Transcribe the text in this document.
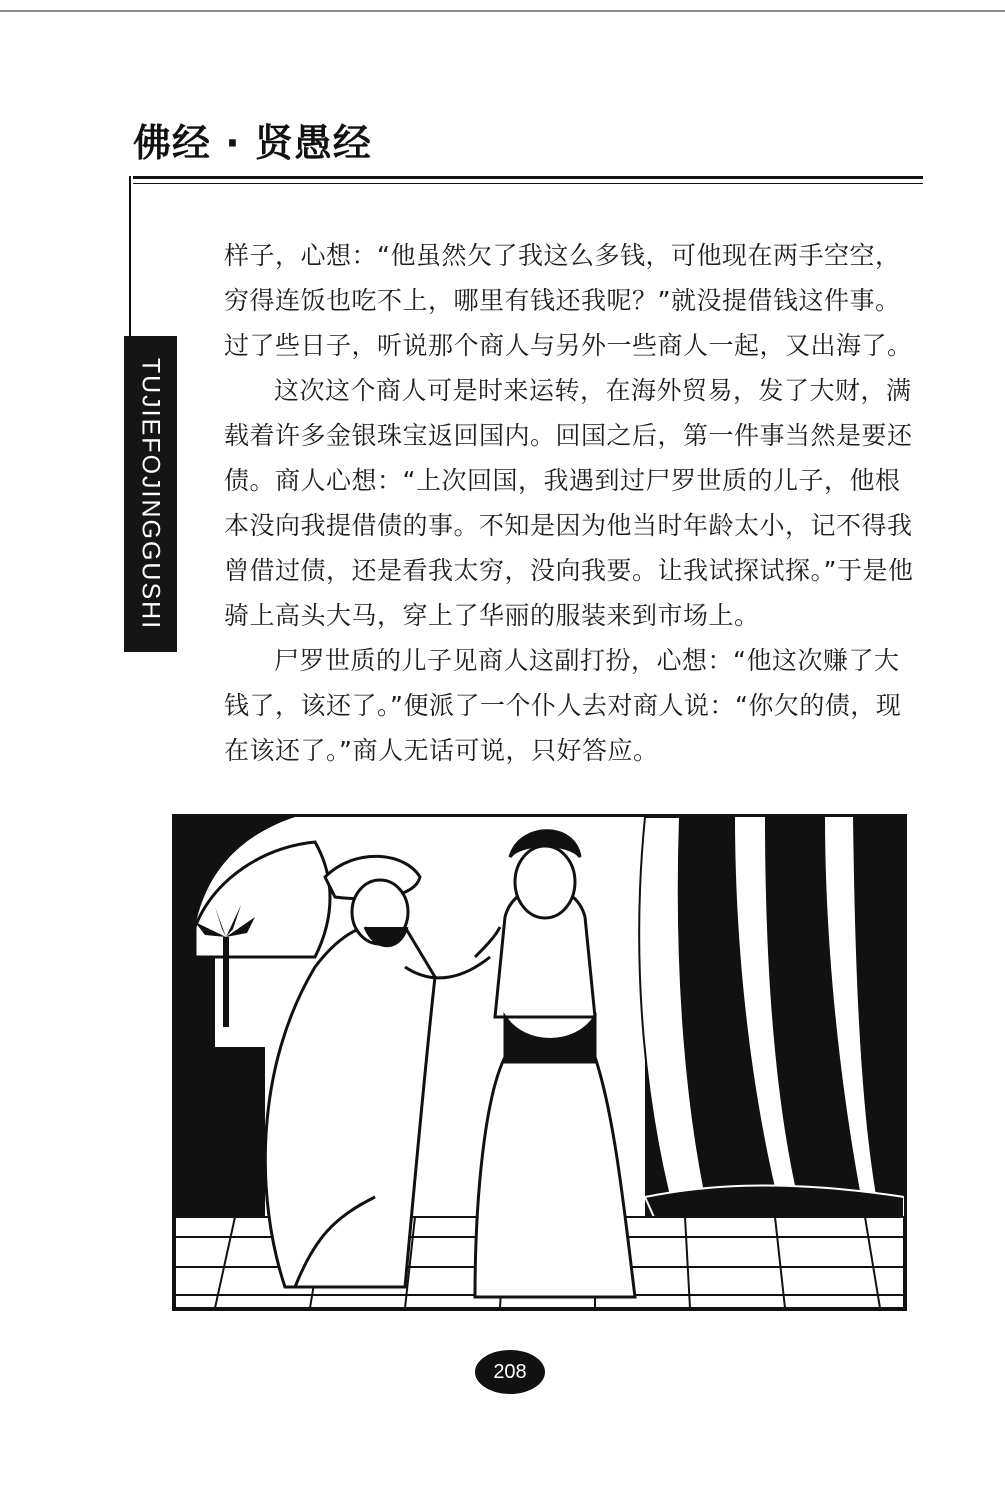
佛经 · 贤愚经
TUJIEFOJINGGUSHI

样子，心想：“他虽然欠了我这么多钱，可他现在两手空空，穷得连饭也吃不上，哪里有钱还我呢？”就没提借钱这件事。过了些日子，听说那个商人与另外一些商人一起，又出海了。

这次这个商人可是时来运转，在海外贸易，发了大财，满载着许多金银珠宝返回国内。回国之后，第一件事当然是要还债。商人心想：“上次回国，我遇到过尸罗世质的儿子，他根本没向我提借债的事。不知是因为他当时年龄太小，记不得我曾借过债，还是看我太穷，没向我要。让我试探试探。”于是他骑上高头大马，穿上了华丽的服装来到市场上。

尸罗世质的儿子见商人这副打扮，心想：“他这次赚了大钱了，该还了。”便派了一个仆人去对商人说：“你欠的债，现在该还了。”商人无话可说，只好答应。

208
